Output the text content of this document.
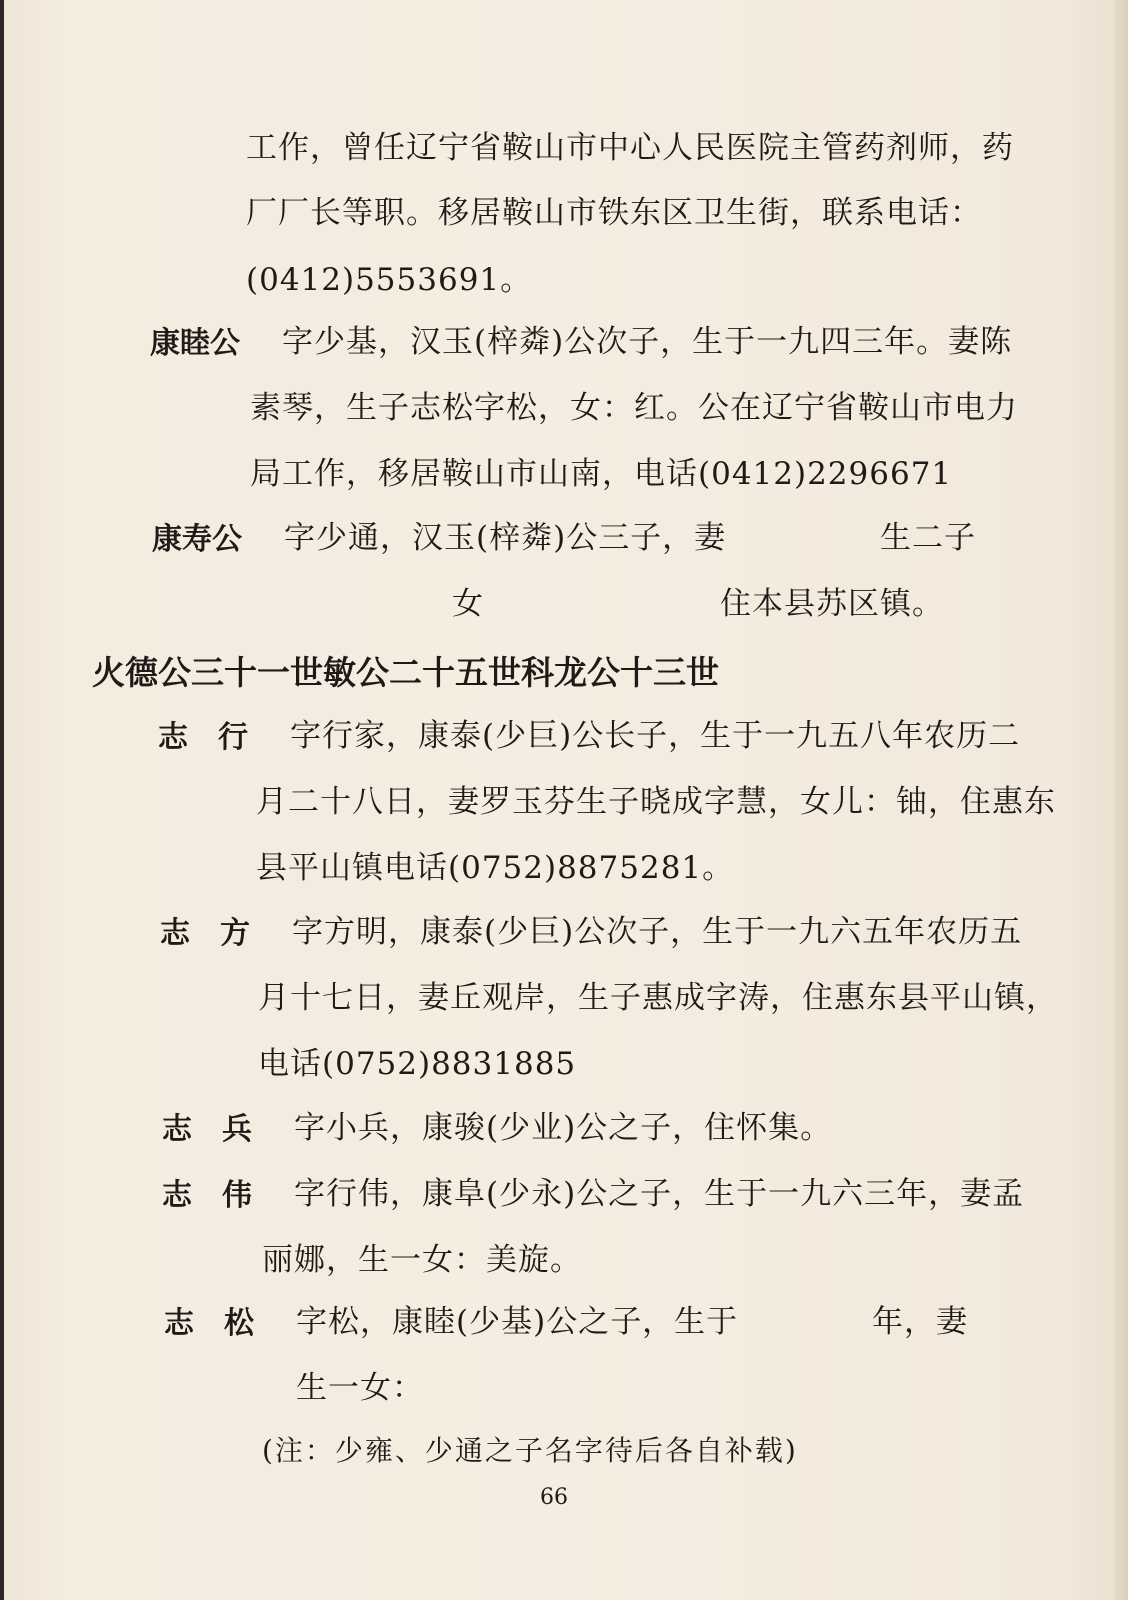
工作，曾任辽宁省鞍山市中心人民医院主管药剂师，药
厂厂长等职。移居鞍山市铁东区卫生街，联系电话：
(0412)5553691。
康睦公 字少基，汉玉(梓粦)公次子，生于一九四三年。妻陈
素琴，生子志松字松，女：红。公在辽宁省鞍山市电力
局工作，移居鞍山市山南，电话(0412)2296671
康寿公 字少通，汉玉(梓粦)公三子，妻	生二子
女	住本县苏区镇。
火德公三十一世敏公二十五世科龙公十三世
志　行 字行家，康泰(少巨)公长子，生于一九五八年农历二
月二十八日，妻罗玉芬生子晓成字慧，女儿：铀，住惠东
县平山镇电话(0752)8875281。
志　方 字方明，康泰(少巨)公次子，生于一九六五年农历五
月十七日，妻丘观岸，生子惠成字涛，住惠东县平山镇，
电话(0752)8831885
志　兵 字小兵，康骏(少业)公之子，住怀集。
志　伟 字行伟，康阜(少永)公之子，生于一九六三年，妻孟
丽娜，生一女：美旋。
志　松 字松，康睦(少基)公之子，生于	年，妻
生一女：
(注：少雍、少通之子名字待后各自补载)
66
